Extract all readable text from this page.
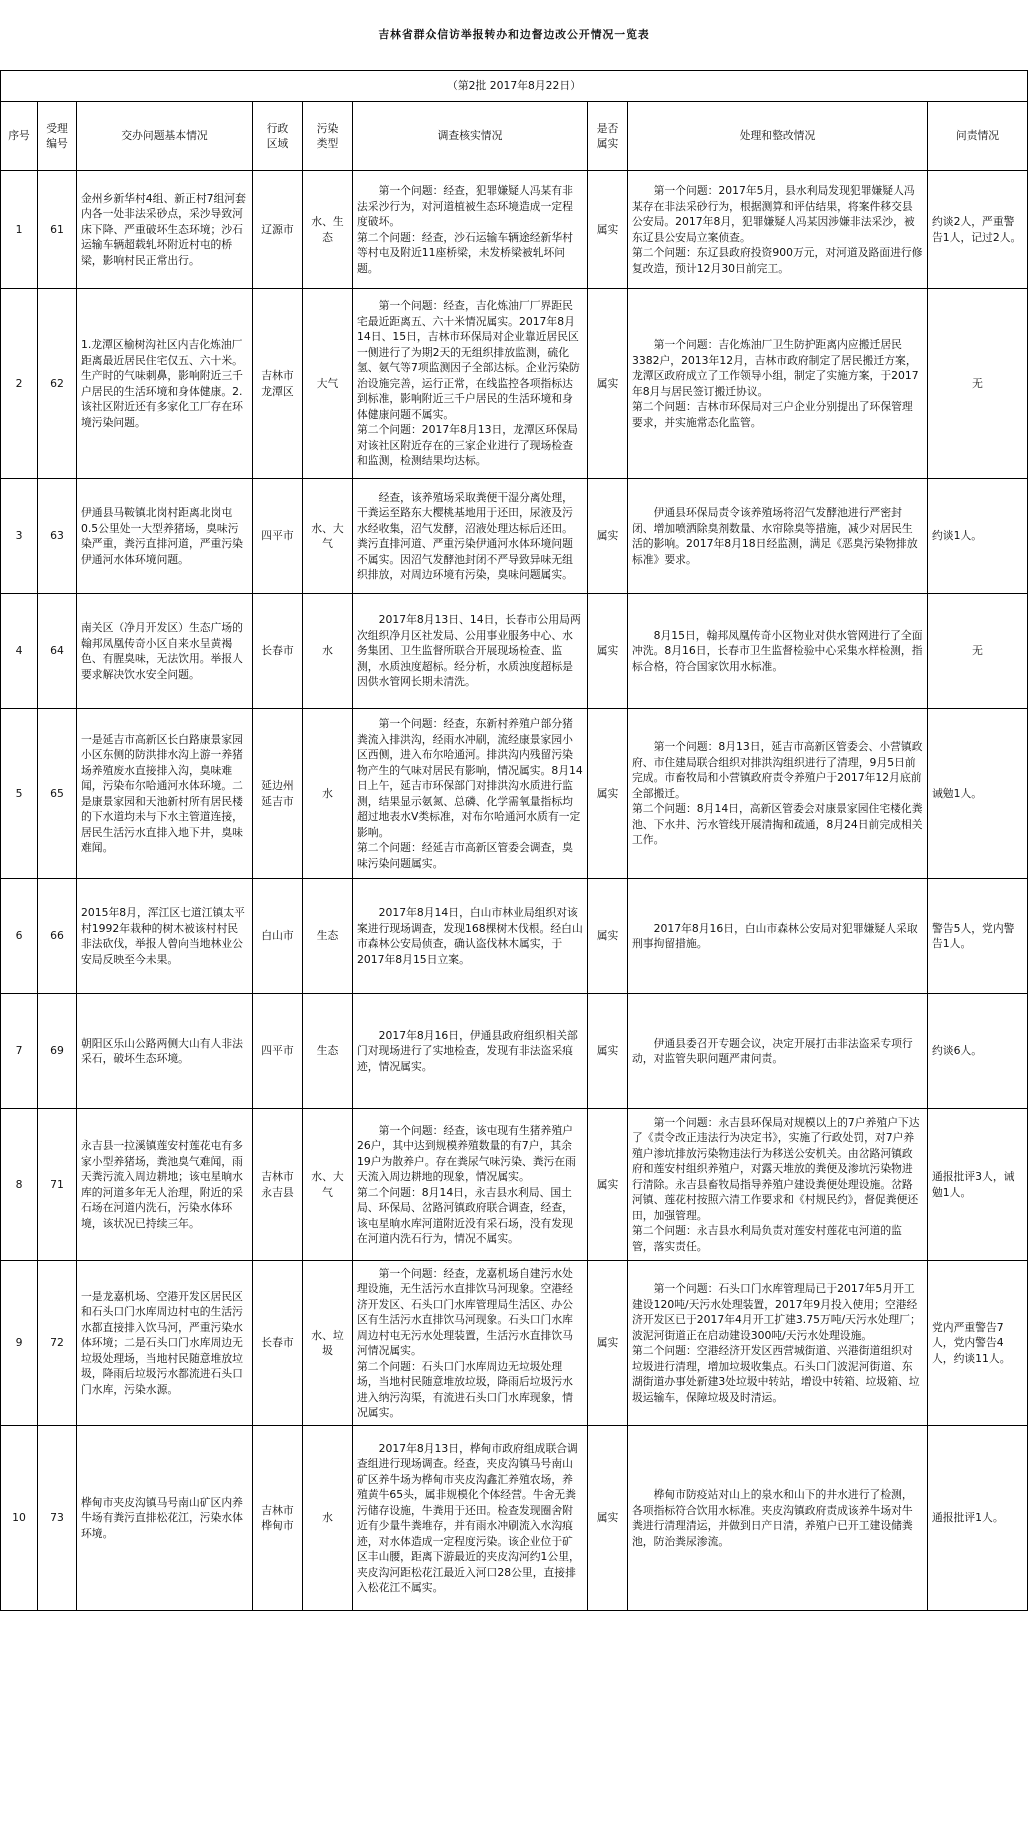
吉林省群众信访举报转办和边督边改公开情况一览表								
（第2批 2017年8月22日）								
序号	受理
编号	交办问题基本情况	行政
区域	污染
类型	调查核实情况	是否
属实	处理和整改情况	问责情况
1	61	金州乡新华村4组、新正村7组河套内各一处非法采砂点，采沙导致河床下降、严重破坏生态环境；沙石运输车辆超载轧坏附近村屯的桥梁，影响村民正常出行。	辽源市	水、生态	第一个问题：经查，犯罪嫌疑人冯某有非法采沙行为，对河道植被生态环境造成一定程度破坏。
第二个问题：经查，沙石运输车辆途经新华村等村屯及附近11座桥梁，未发桥梁被轧坏问题。	属实	第一个问题：2017年5月，县水利局发现犯罪嫌疑人冯某存在非法采砂行为，根据测算和评估结果，将案件移交县公安局。2017年8月，犯罪嫌疑人冯某因涉嫌非法采沙，被东辽县公安局立案侦查。
第二个问题：东辽县政府投资900万元，对河道及路面进行修复改造，预计12月30日前完工。	约谈2人，严重警告1人，记过2人。
2	62	1.龙潭区榆树沟社区内吉化炼油厂距离最近居民住宅仅五、六十米。生产时的气味刺鼻，影响附近三千户居民的生活环境和身体健康。2.该社区附近还有多家化工厂存在环境污染问题。	吉林市
龙潭区	大气	第一个问题：经查，吉化炼油厂厂界距民宅最近距离五、六十米情况属实。2017年8月14日、15日，吉林市环保局对企业靠近居民区一侧进行了为期2天的无组织排放监测，硫化氢、氨气等7项监测因子全部达标。企业污染防治设施完善，运行正常，在线监控各项指标达到标准，影响附近三千户居民的生活环境和身体健康问题不属实。
第二个问题：2017年8月13日，龙潭区环保局对该社区附近存在的三家企业进行了现场检查和监测，检测结果均达标。	属实	第一个问题：吉化炼油厂卫生防护距离内应搬迁居民3382户，2013年12月，吉林市政府制定了居民搬迁方案，龙潭区政府成立了工作领导小组，制定了实施方案，于2017年8月与居民签订搬迁协议。
第二个问题：吉林市环保局对三户企业分别提出了环保管理要求，并实施常态化监管。	无
3	63	伊通县马鞍镇北岗村距离北岗屯0.5公里处一大型养猪场，臭味污染严重，粪污直排河道，严重污染伊通河水体环境问题。	四平市	水、大气	经查，该养殖场采取粪便干湿分离处理，干粪运至路东大樱桃基地用于还田，尿液及污水经收集，沼气发酵，沼液处理达标后还田。粪污直排河道、严重污染伊通河水体环境问题不属实。因沼气发酵池封闭不严导致异味无组织排放，对周边环境有污染，臭味问题属实。	属实	伊通县环保局责令该养殖场将沼气发酵池进行严密封闭、增加喷洒除臭剂数量、水帘除臭等措施，减少对居民生活的影响。2017年8月18日经监测，满足《恶臭污染物排放标准》要求。	约谈1人。
4	64	南关区（净月开发区）生态广场的翰邦凤凰传奇小区自来水呈黄褐色、有腥臭味，无法饮用。举报人要求解决饮水安全问题。	长春市	水	2017年8月13日、14日，长春市公用局两次组织净月区社发局、公用事业服务中心、水务集团、卫生监督所联合开展现场检查、监测，水质浊度超标。经分析，水质浊度超标是因供水管网长期未清洗。	属实	8月15日，翰邦凤凰传奇小区物业对供水管网进行了全面冲洗。8月16日，长春市卫生监督检验中心采集水样检测，指标合格，符合国家饮用水标准。	无
5	65	一是延吉市高新区长白路康景家园小区东侧的防洪排水沟上游一养猪场养殖废水直接排入沟，臭味难闻，污染布尔哈通河水体环境。二是康景家园和天池新村所有居民楼的下水道均未与下水主管道连接，居民生活污水直排入地下井，臭味难闻。	延边州
延吉市	水	第一个问题：经查，东新村养殖户部分猪粪流入排洪沟，经雨水冲刷，流经康景家园小区西侧，进入布尔哈通河。排洪沟内残留污染物产生的气味对居民有影响，情况属实。8月14日上午，延吉市环保部门对排洪沟水质进行监测，结果显示氨氮、总磷、化学需氧量指标均超过地表水V类标准，对布尔哈通河水质有一定影响。
第二个问题：经延吉市高新区管委会调查，臭味污染问题属实。	属实	第一个问题：8月13日，延吉市高新区管委会、小营镇政府、市住建局联合组织对排洪沟组织进行了清理，9月5日前完成。市畜牧局和小营镇政府责令养殖户于2017年12月底前全部搬迁。
第二个问题：8月14日，高新区管委会对康景家园住宅楼化粪池、下水井、污水管线开展清掏和疏通，8月24日前完成相关工作。	诫勉1人。
6	66	2015年8月，浑江区七道江镇太平村1992年栽种的树木被该村村民非法砍伐，举报人曾向当地林业公安局反映至今未果。	白山市	生态	2017年8月14日，白山市林业局组织对该案进行现场调查，发现168棵树木伐根。经白山市森林公安局侦查，确认盗伐林木属实，于2017年8月15日立案。	属实	2017年8月16日，白山市森林公安局对犯罪嫌疑人采取刑事拘留措施。	警告5人，党内警告1人。
7	69	朝阳区乐山公路两侧大山有人非法采石，破坏生态环境。	四平市	生态	2017年8月16日，伊通县政府组织相关部门对现场进行了实地检查，发现有非法盗采痕迹，情况属实。	属实	伊通县委召开专题会议，决定开展打击非法盗采专项行动，对监管失职问题严肃问责。	约谈6人。
8	71	永吉县一拉溪镇莲安村莲花屯有多家小型养猪场，粪池臭气难闻，雨天粪污流入周边耕地；该屯星晌水库的河道多年无人治理，附近的采石场在河道内洗石，污染水体环境，该状况已持续三年。	吉林市
永吉县	水、大气	第一个问题：经查，该屯现有生猪养殖户26户，其中达到规模养殖数量的有7户，其余19户为散养户。存在粪尿气味污染、粪污在雨天流入周边耕地的现象，情况属实。
第二个问题：8月14日，永吉县水利局、国土局、环保局、岔路河镇政府联合调查，经查，该屯星晌水库河道附近没有采石场，没有发现在河道内洗石行为，情况不属实。	属实	第一个问题：永吉县环保局对规模以上的7户养殖户下达了《责令改正违法行为决定书》，实施了行政处罚，对7户养殖户渗坑排放污染物违法行为移送公安机关。由岔路河镇政府和莲安村组织养殖户，对露天堆放的粪便及渗坑污染物进行清除。永吉县畜牧局指导养殖户建设粪便处理设施。岔路河镇、莲花村按照六清工作要求和《村规民约》，督促粪便还田，加强管理。
第二个问题：永吉县水利局负责对莲安村莲花屯河道的监管，落实责任。	通报批评3人，诫勉1人。
9	72	一是龙嘉机场、空港开发区居民区和石头口门水库周边村屯的生活污水都直接排入饮马河，严重污染水体环境；二是石头口门水库周边无垃圾处理场，当地村民随意堆放垃圾，降雨后垃圾污水都流进石头口门水库，污染水源。	长春市	水、垃圾	第一个问题：经查，龙嘉机场自建污水处理设施，无生活污水直排饮马河现象。空港经济开发区、石头口门水库管理局生活区、办公区有生活污水直排饮马河现象。石头口门水库周边村屯无污水处理装置，生活污水直排饮马河情况属实。
第二个问题：石头口门水库周边无垃圾处理场，当地村民随意堆放垃圾，降雨后垃圾污水进入纳污沟渠，有流进石头口门水库现象，情况属实。	属实	第一个问题：石头口门水库管理局已于2017年5月开工建设120吨/天污水处理装置，2017年9月投入使用；空港经济开发区已于2017年4月开工扩建3.75万吨/天污水处理厂；波泥河街道正在启动建设300吨/天污水处理设施。
第二个问题：空港经济开发区西营城街道、兴港街道组织对垃圾进行清理，增加垃圾收集点。石头口门波泥河街道、东湖街道办事处新建3处垃圾中转站，增设中转箱、垃圾箱、垃圾运输车，保障垃圾及时清运。	党内严重警告7人，党内警告4人，约谈11人。
10	73	桦甸市夹皮沟镇马号南山矿区内养牛场有粪污直排松花江，污染水体环境。	吉林市
桦甸市	水	2017年8月13日，桦甸市政府组成联合调查组进行现场调查。经查，夹皮沟镇马号南山矿区养牛场为桦甸市夹皮沟鑫汇养殖农场，养殖黄牛65头，属非规模化个体经营。牛舍无粪污储存设施，牛粪用于还田。检查发现圈舍附近有少量牛粪堆存，并有雨水冲刷流入水沟痕迹，对水体造成一定程度污染。该企业位于矿区丰山腰，距离下游最近的夹皮沟河约1公里，夹皮沟河距松花江最近入河口28公里，直接排入松花江不属实。	属实	桦甸市防疫站对山上的泉水和山下的井水进行了检测，各项指标符合饮用水标准。夹皮沟镇政府责成该养牛场对牛粪进行清理清运，并做到日产日清，养殖户已开工建设储粪池，防治粪尿渗流。	通报批评1人。
